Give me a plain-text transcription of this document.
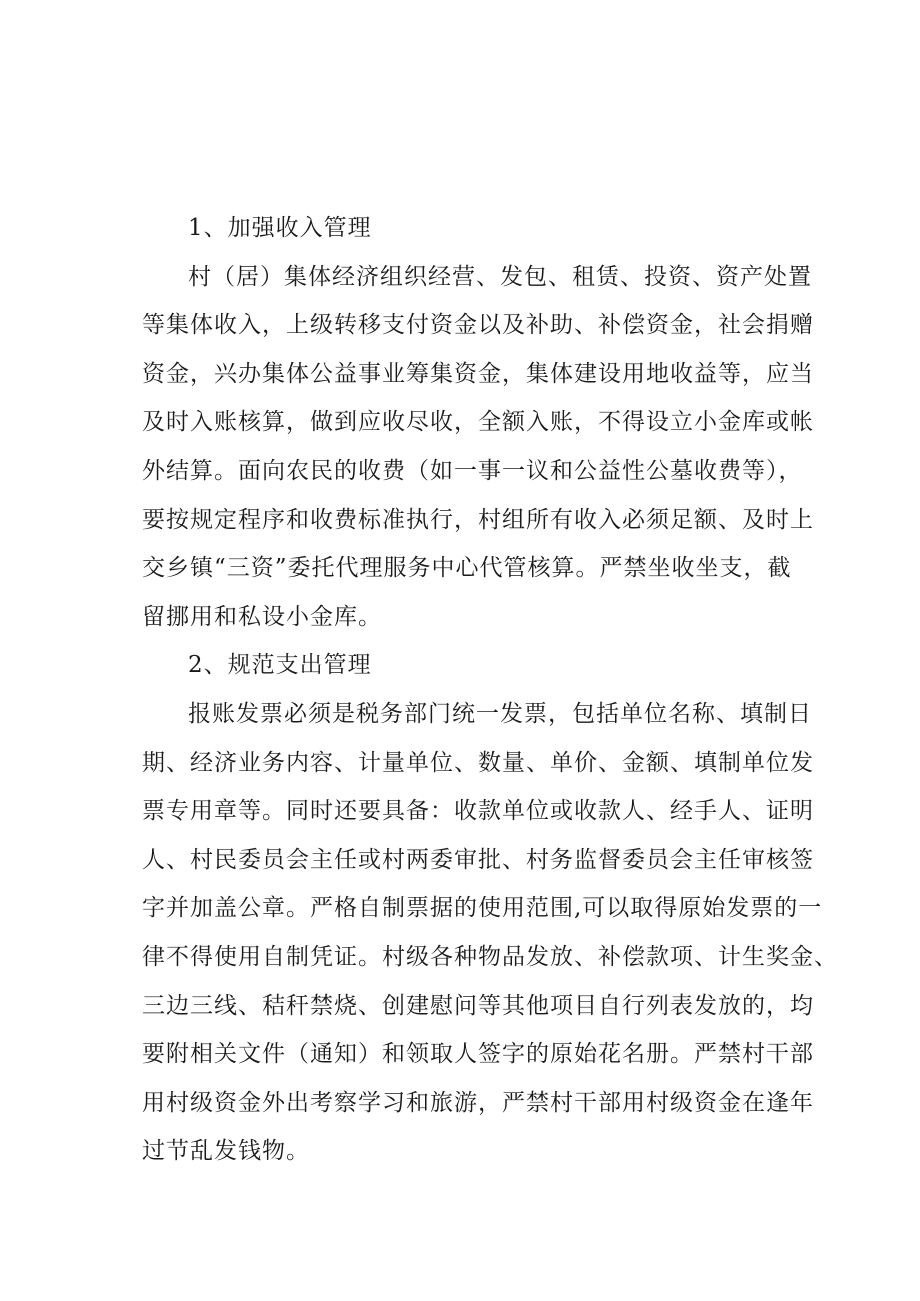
1、加强收入管理
村（居）集体经济组织经营、发包、租赁、投资、资产处置
等集体收入，上级转移支付资金以及补助、补偿资金，社会捐赠
资金，兴办集体公益事业筹集资金，集体建设用地收益等，应当
及时入账核算，做到应收尽收，全额入账，不得设立小金库或帐
外结算。面向农民的收费（如一事一议和公益性公墓收费等），
要按规定程序和收费标准执行，村组所有收入必须足额、及时上
交乡镇“三资”委托代理服务中心代管核算。严禁坐收坐支，截
留挪用和私设小金库。
2、规范支出管理
报账发票必须是税务部门统一发票，包括单位名称、填制日
期、经济业务内容、计量单位、数量、单价、金额、填制单位发
票专用章等。同时还要具备：收款单位或收款人、经手人、证明
人、村民委员会主任或村两委审批、村务监督委员会主任审核签
字并加盖公章。严格自制票据的使用范围,可以取得原始发票的一
律不得使用自制凭证。村级各种物品发放、补偿款项、计生奖金、
三边三线、秸秆禁烧、创建慰问等其他项目自行列表发放的，均
要附相关文件（通知）和领取人签字的原始花名册。严禁村干部
用村级资金外出考察学习和旅游，严禁村干部用村级资金在逢年
过节乱发钱物。
